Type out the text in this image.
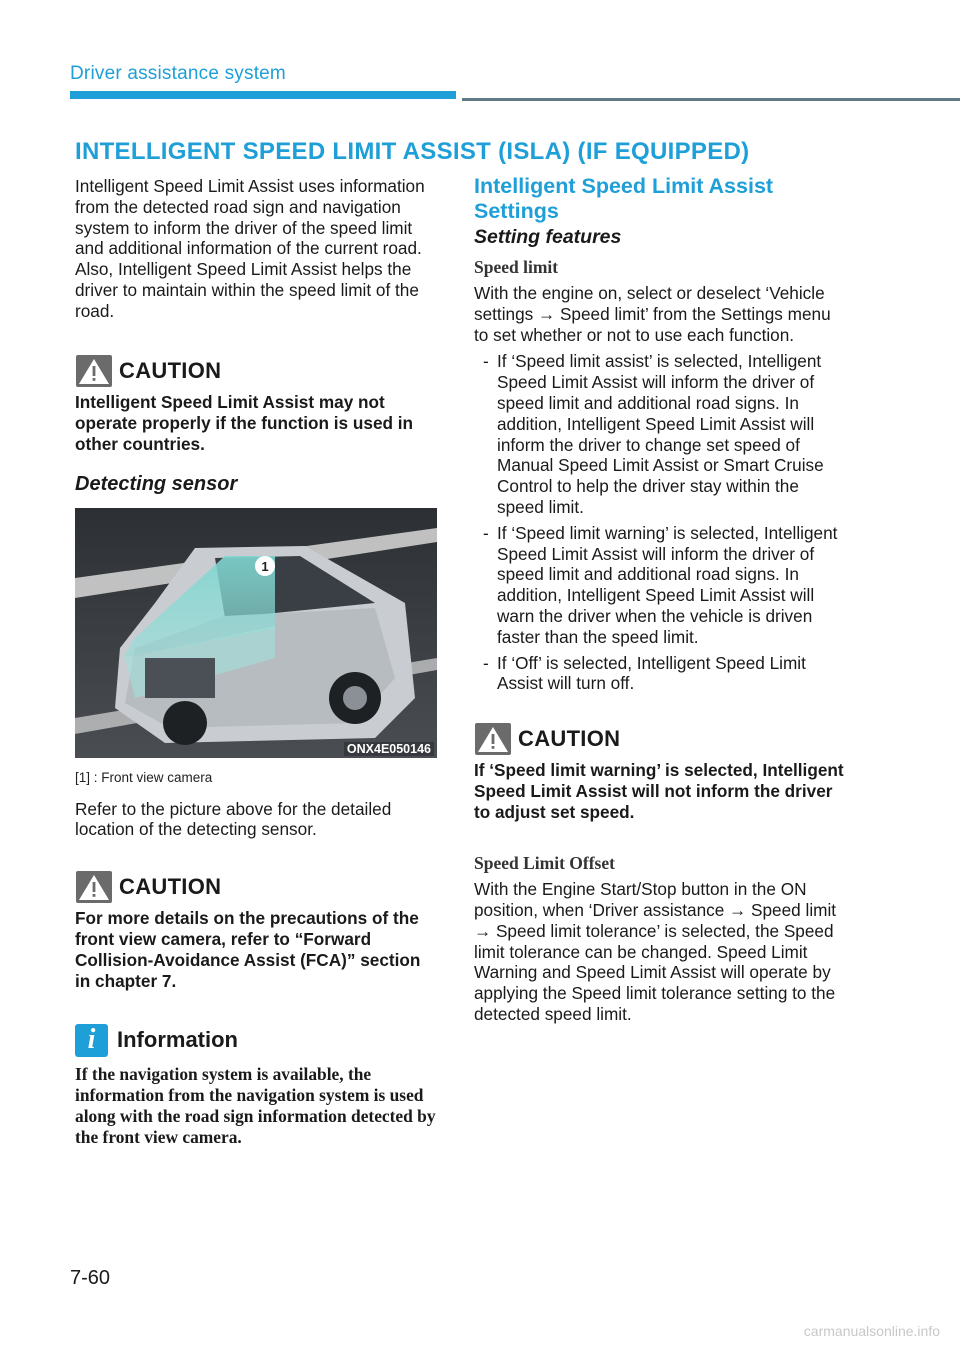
Driver assistance system
INTELLIGENT SPEED LIMIT ASSIST (ISLA) (IF EQUIPPED)

Intelligent Speed Limit Assist uses information from the detected road sign and navigation system to inform the driver of the speed limit and additional information of the current road. Also, Intelligent Speed Limit Assist helps the driver to maintain within the speed limit of the road.

CAUTION

Intelligent Speed Limit Assist may not operate properly if the function is used in other countries.

Detecting sensor

1
ONX4E050146

[1] : Front view camera

Refer to the picture above for the detailed location of the detecting sensor.

CAUTION

For more details on the precautions of the front view camera, refer to “Forward Collision-Avoidance Assist (FCA)” section in chapter 7.

i Information

If the navigation system is available, the information from the navigation system is used along with the road sign information detected by the front view camera.

Intelligent Speed Limit Assist Settings

Setting features

Speed limit

With the engine on, select or deselect ‘Vehicle settings → Speed limit’ from the Settings menu to set whether or not to use each function.

- If ‘Speed limit assist’ is selected, Intelligent Speed Limit Assist will inform the driver of speed limit and additional road signs. In addition, Intelligent Speed Limit Assist will inform the driver to change set speed of Manual Speed Limit Assist or Smart Cruise Control to help the driver stay within the speed limit.
- If ‘Speed limit warning’ is selected, Intelligent Speed Limit Assist will inform the driver of speed limit and additional road signs. In addition, Intelligent Speed Limit Assist will warn the driver when the vehicle is driven faster than the speed limit.
- If ‘Off’ is selected, Intelligent Speed Limit Assist will turn off.
CAUTION

If ‘Speed limit warning’ is selected, Intelligent Speed Limit Assist will not inform the driver to adjust set speed.

Speed Limit Offset

With the Engine Start/Stop button in the ON position, when ‘Driver assistance → Speed limit → Speed limit tolerance’ is selected, the Speed limit tolerance can be changed. Speed Limit Warning and Speed Limit Assist will operate by applying the Speed limit tolerance setting to the detected speed limit.

7-60
carmanualsonline.info
